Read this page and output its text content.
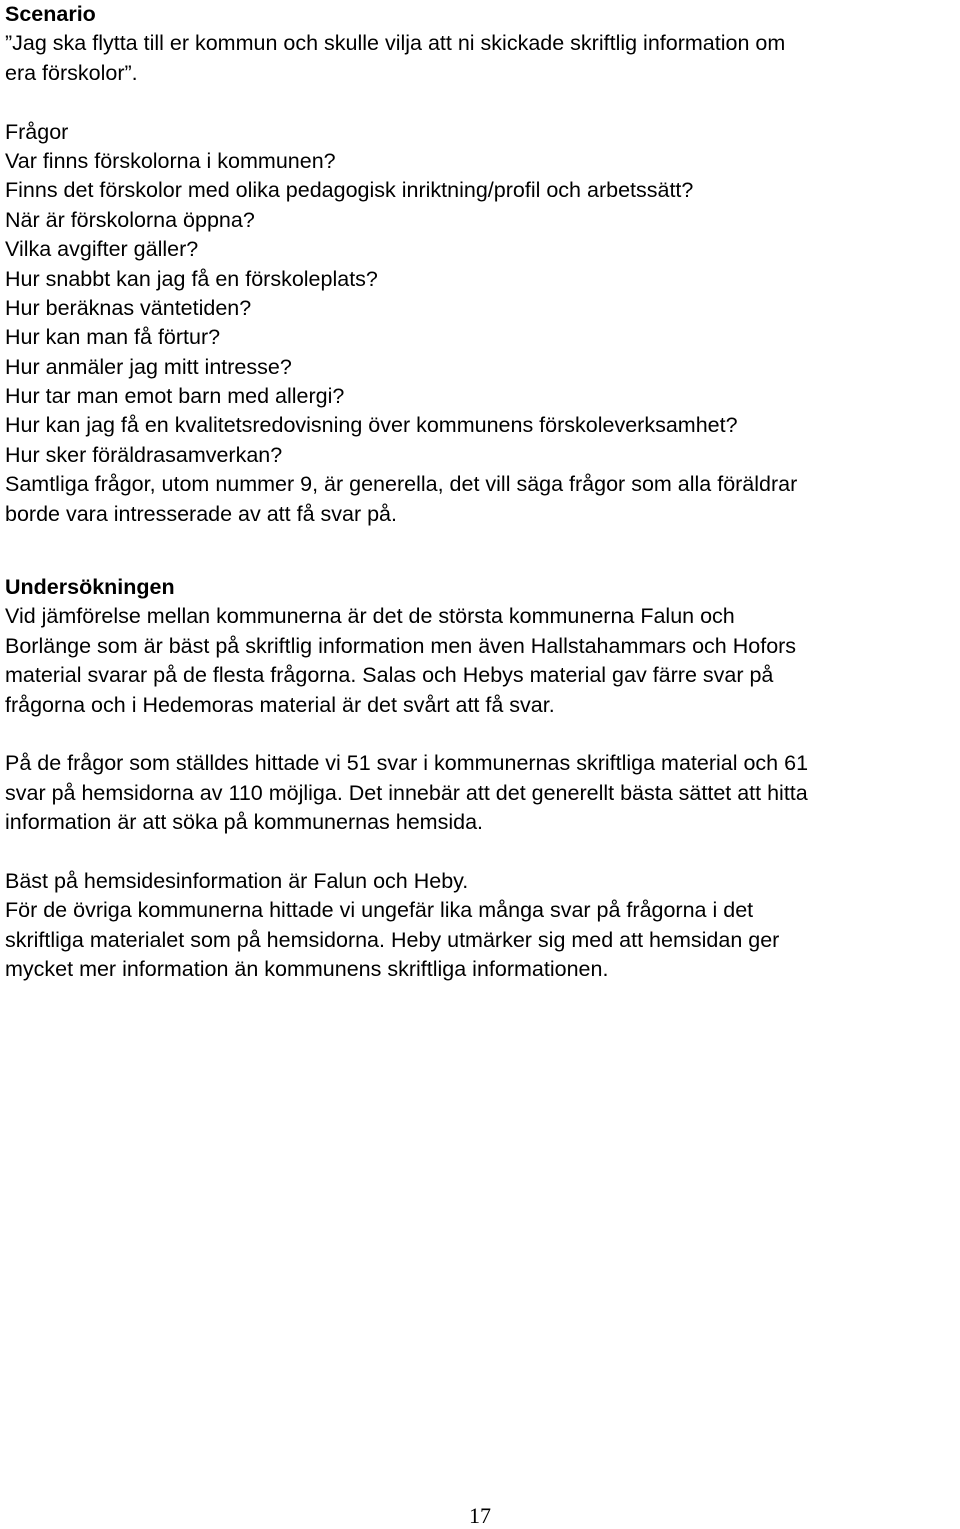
Scenario
”Jag ska flytta till er kommun och skulle vilja att ni skickade skriftlig information om
era förskolor”.
Frågor
Var finns förskolorna i kommunen?
Finns det förskolor med olika pedagogisk inriktning/profil och arbetssätt?
När är förskolorna öppna?
Vilka avgifter gäller?
Hur snabbt kan jag få en förskoleplats?
Hur beräknas väntetiden?
Hur kan man få förtur?
Hur anmäler jag mitt intresse?
Hur tar man emot barn med allergi?
Hur kan jag få en kvalitetsredovisning över kommunens förskoleverksamhet?
Hur sker föräldrasamverkan?
Samtliga frågor, utom nummer 9, är generella, det vill säga frågor som alla föräldrar
borde vara intresserade av att få svar på.
Undersökningen
Vid jämförelse mellan kommunerna är det de största kommunerna Falun och
Borlänge som är bäst på skriftlig information men även Hallstahammars och Hofors
material svarar på de flesta frågorna. Salas och Hebys material gav färre svar på
frågorna och i Hedemoras material är det svårt att få svar.
På de frågor som ställdes hittade vi 51 svar i kommunernas skriftliga material och 61
svar på hemsidorna av 110 möjliga. Det innebär att det generellt bästa sättet att hitta
information är att söka på kommunernas hemsida.
Bäst på hemsidesinformation är Falun och Heby.
För de övriga kommunerna hittade vi ungefär lika många svar på frågorna i det
skriftliga materialet som på hemsidorna. Heby utmärker sig med att hemsidan ger
mycket mer information än kommunens skriftliga informationen.
17
